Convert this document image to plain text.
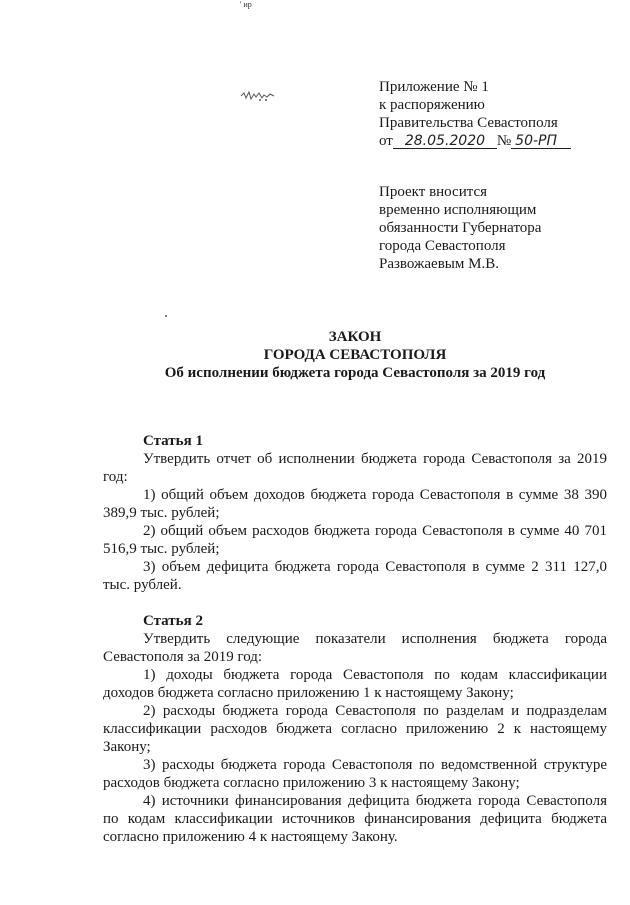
' ир
Приложение № 1
к распоряжению
Правительства Севастополя
от 28.05.2020 № 50-РП
Проект вносится
временно исполняющим
обязанности Губернатора
города Севастополя
Развожаевым М.В.
ЗАКОН
ГОРОДА СЕВАСТОПОЛЯ
Об исполнении бюджета города Севастополя за 2019 год
Статья 1
Утвердить отчет об исполнении бюджета города Севастополя за 2019 год:
1) общий объем доходов бюджета города Севастополя в сумме 38 390 389,9 тыс. рублей;
2) общий объем расходов бюджета города Севастополя в сумме 40 701 516,9 тыс. рублей;
3) объем дефицита бюджета города Севастополя в сумме 2 311 127,0 тыс. рублей.
Статья 2
Утвердить следующие показатели исполнения бюджета города Севастополя за 2019 год:
1) доходы бюджета города Севастополя по кодам классификации доходов бюджета согласно приложению 1 к настоящему Закону;
2) расходы бюджета города Севастополя по разделам и подразделам классификации расходов бюджета согласно приложению 2 к настоящему Закону;
3) расходы бюджета города Севастополя по ведомственной структуре расходов бюджета согласно приложению 3 к настоящему Закону;
4) источники финансирования дефицита бюджета города Севастополя по кодам классификации источников финансирования дефицита бюджета согласно приложению 4 к настоящему Закону.
